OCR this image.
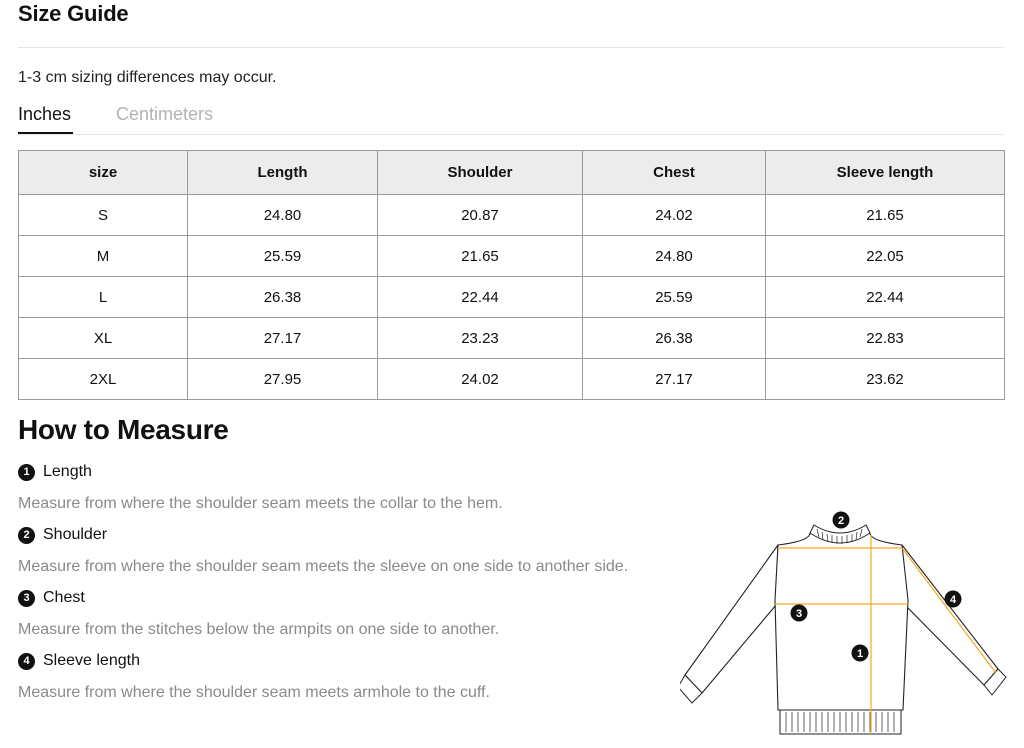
Size Guide
1-3 cm sizing differences may occur.
Inches Centimeters
size	Length	Shoulder	Chest	Sleeve length
S	24.80	20.87	24.02	21.65
M	25.59	21.65	24.80	22.05
L	26.38	22.44	25.59	22.44
XL	27.17	23.23	26.38	22.83
2XL	27.95	24.02	27.17	23.62
How to Measure
1 Length
Measure from where the shoulder seam meets the collar to the hem.
2 Shoulder
Measure from where the shoulder seam meets the sleeve on one side to another side.
3 Chest
Measure from the stitches below the armpits on one side to another.
4 Sleeve length
Measure from where the shoulder seam meets armhole to the cuff.
2
3
1
4
